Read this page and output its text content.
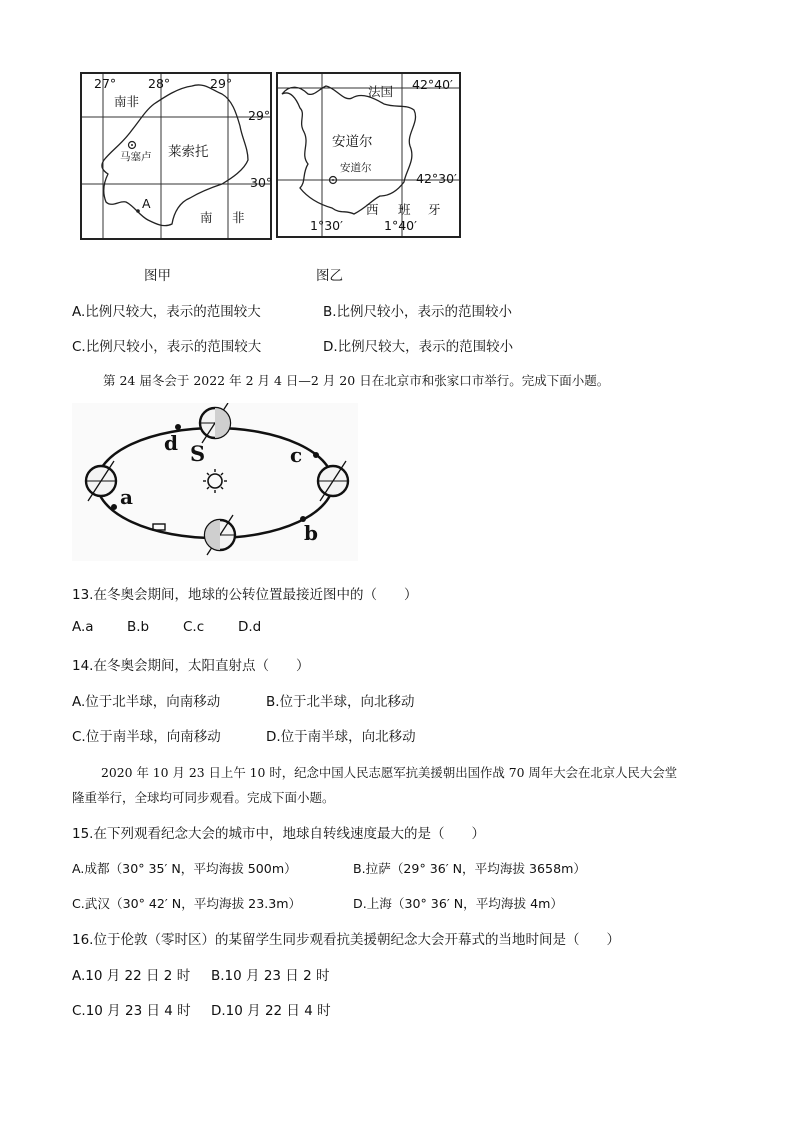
27°	28°	29°
29°
30°
南非
莱索托
马塞卢
A
南 非
法国 42°40′
安道尔
安道尔
42°30′
西 班 牙
1°30′	1°40′
图甲	图乙
A.比例尺较大，表示的范围较大	B.比例尺较小，表示的范围较小
C.比例尺较小，表示的范围较大	D.比例尺较大，表示的范围较小
第 24 届冬会于 2022 年 2 月 4 日—2 月 20 日在北京市和张家口市举行。完成下面小题。
d S	c
a
b
13.在冬奥会期间，地球的公转位置最接近图中的（　　）
A.a B.b	C.c	D.d
14.在冬奥会期间，太阳直射点（　　）
A.位于北半球，向南移动	B.位于北半球，向北移动
C.位于南半球，向南移动	D.位于南半球，向北移动
2020 年 10 月 23 日上午 10 时，纪念中国人民志愿军抗美援朝出国作战 70 周年大会在北京人民大会堂
隆重举行，全球均可同步观看。完成下面小题。
15.在下列观看纪念大会的城市中，地球自转线速度最大的是（　　）
A.成都（30° 35′ N，平均海拔 500m）	B.拉萨（29° 36′ N，平均海拔 3658m）
C.武汉（30° 42′ N，平均海拔 23.3m）	D.上海（30° 36′ N，平均海拔 4m）
16.位于伦敦（零时区）的某留学生同步观看抗美援朝纪念大会开幕式的当地时间是（　　）
A.10 月 22 日 2 时 B.10 月 23 日 2 时
C.10 月 23 日 4 时 D.10 月 22 日 4 时
